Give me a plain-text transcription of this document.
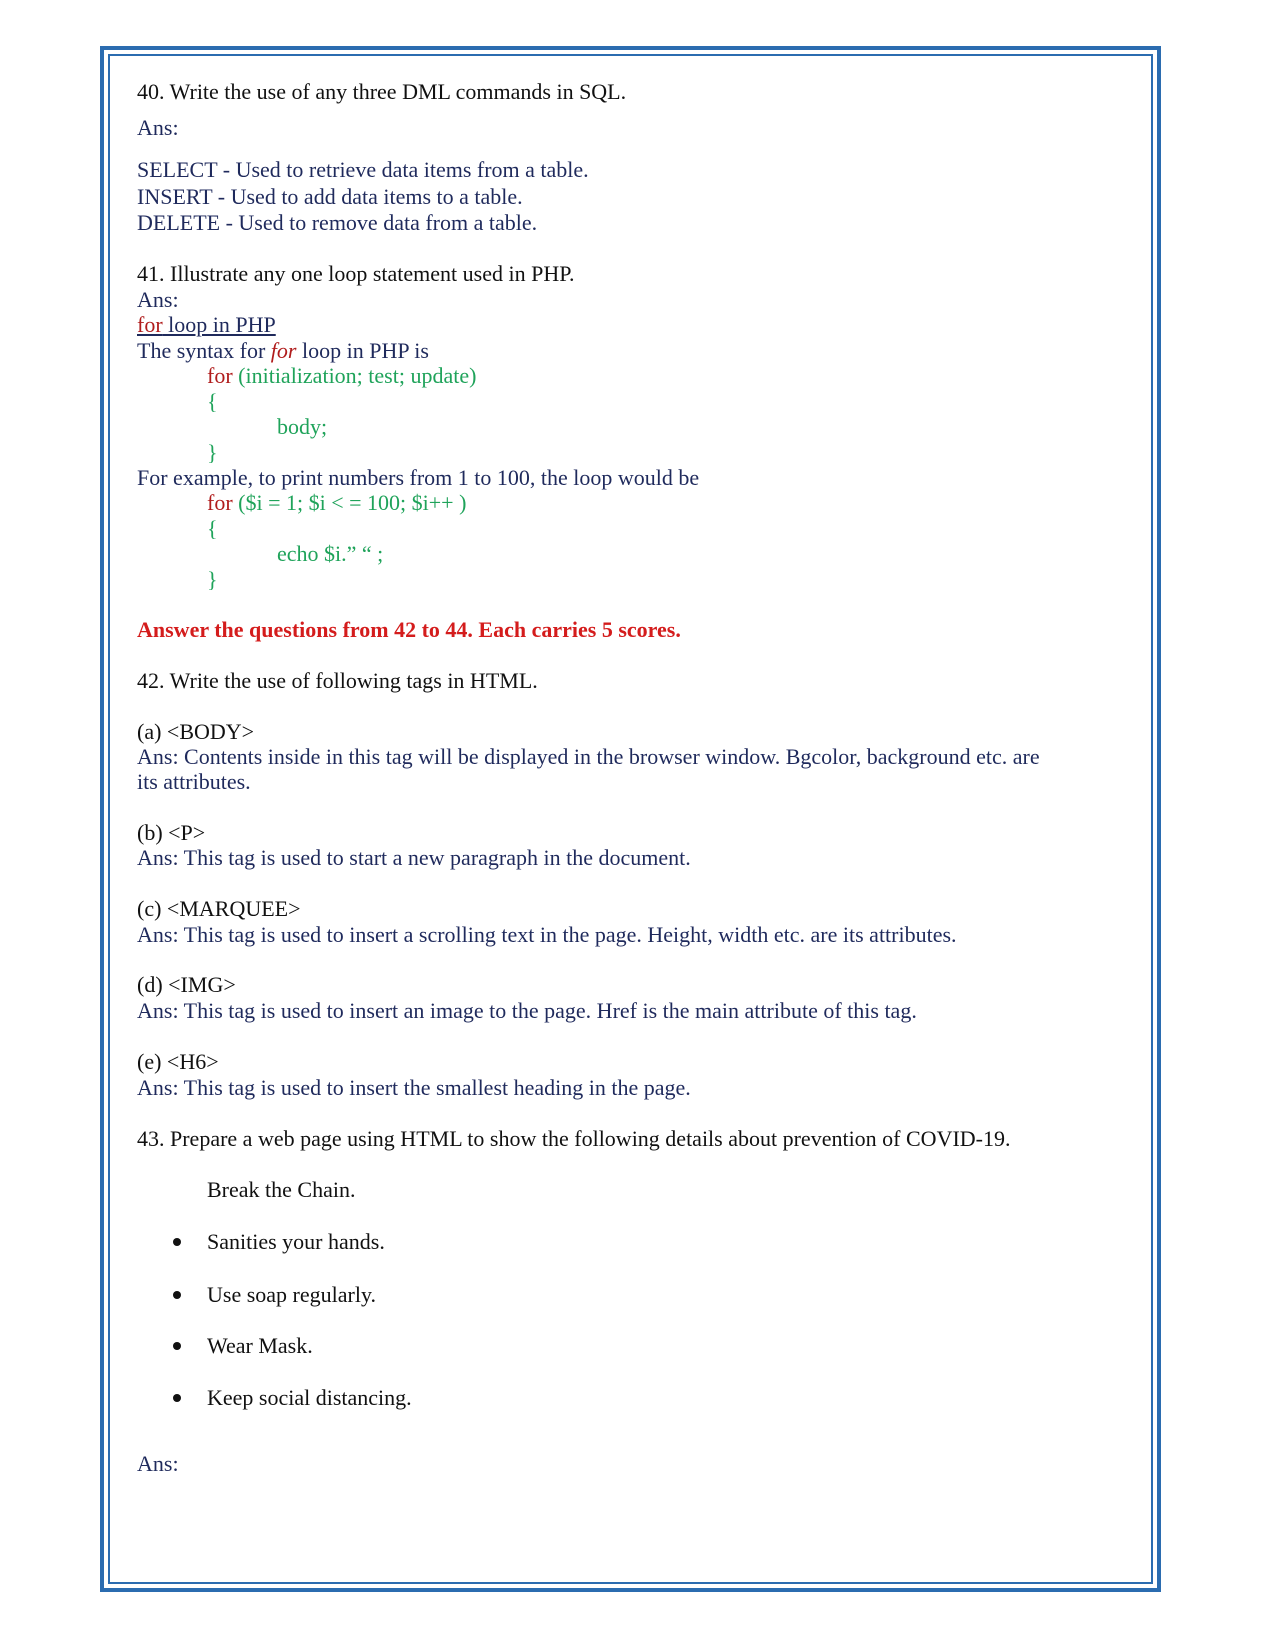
40. Write the use of any three DML commands in SQL.
Ans:
SELECT - Used to retrieve data items from a table.
INSERT - Used to add data items to a table.
DELETE - Used to remove data from a table.
41. Illustrate any one loop statement used in PHP.
Ans:
for loop in PHP
The syntax for for loop in PHP is
for (initialization; test; update)
{
body;
}
For example, to print numbers from 1 to 100, the loop would be
for ($i = 1; $i < = 100; $i++ )
{
echo $i.” “ ;
}
Answer the questions from 42 to 44. Each carries 5 scores.
42. Write the use of following tags in HTML.
(a) <BODY>
Ans: Contents inside in this tag will be displayed in the browser window. Bgcolor, background etc. are
its attributes.
(b) <P>
Ans: This tag is used to start a new paragraph in the document.
(c) <MARQUEE>
Ans: This tag is used to insert a scrolling text in the page. Height, width etc. are its attributes.
(d) <IMG>
Ans: This tag is used to insert an image to the page. Href is the main attribute of this tag.
(e) <H6>
Ans: This tag is used to insert the smallest heading in the page.
43. Prepare a web page using HTML to show the following details about prevention of COVID-19.
Break the Chain.
Sanities your hands.
Use soap regularly.
Wear Mask.
Keep social distancing.
Ans:
